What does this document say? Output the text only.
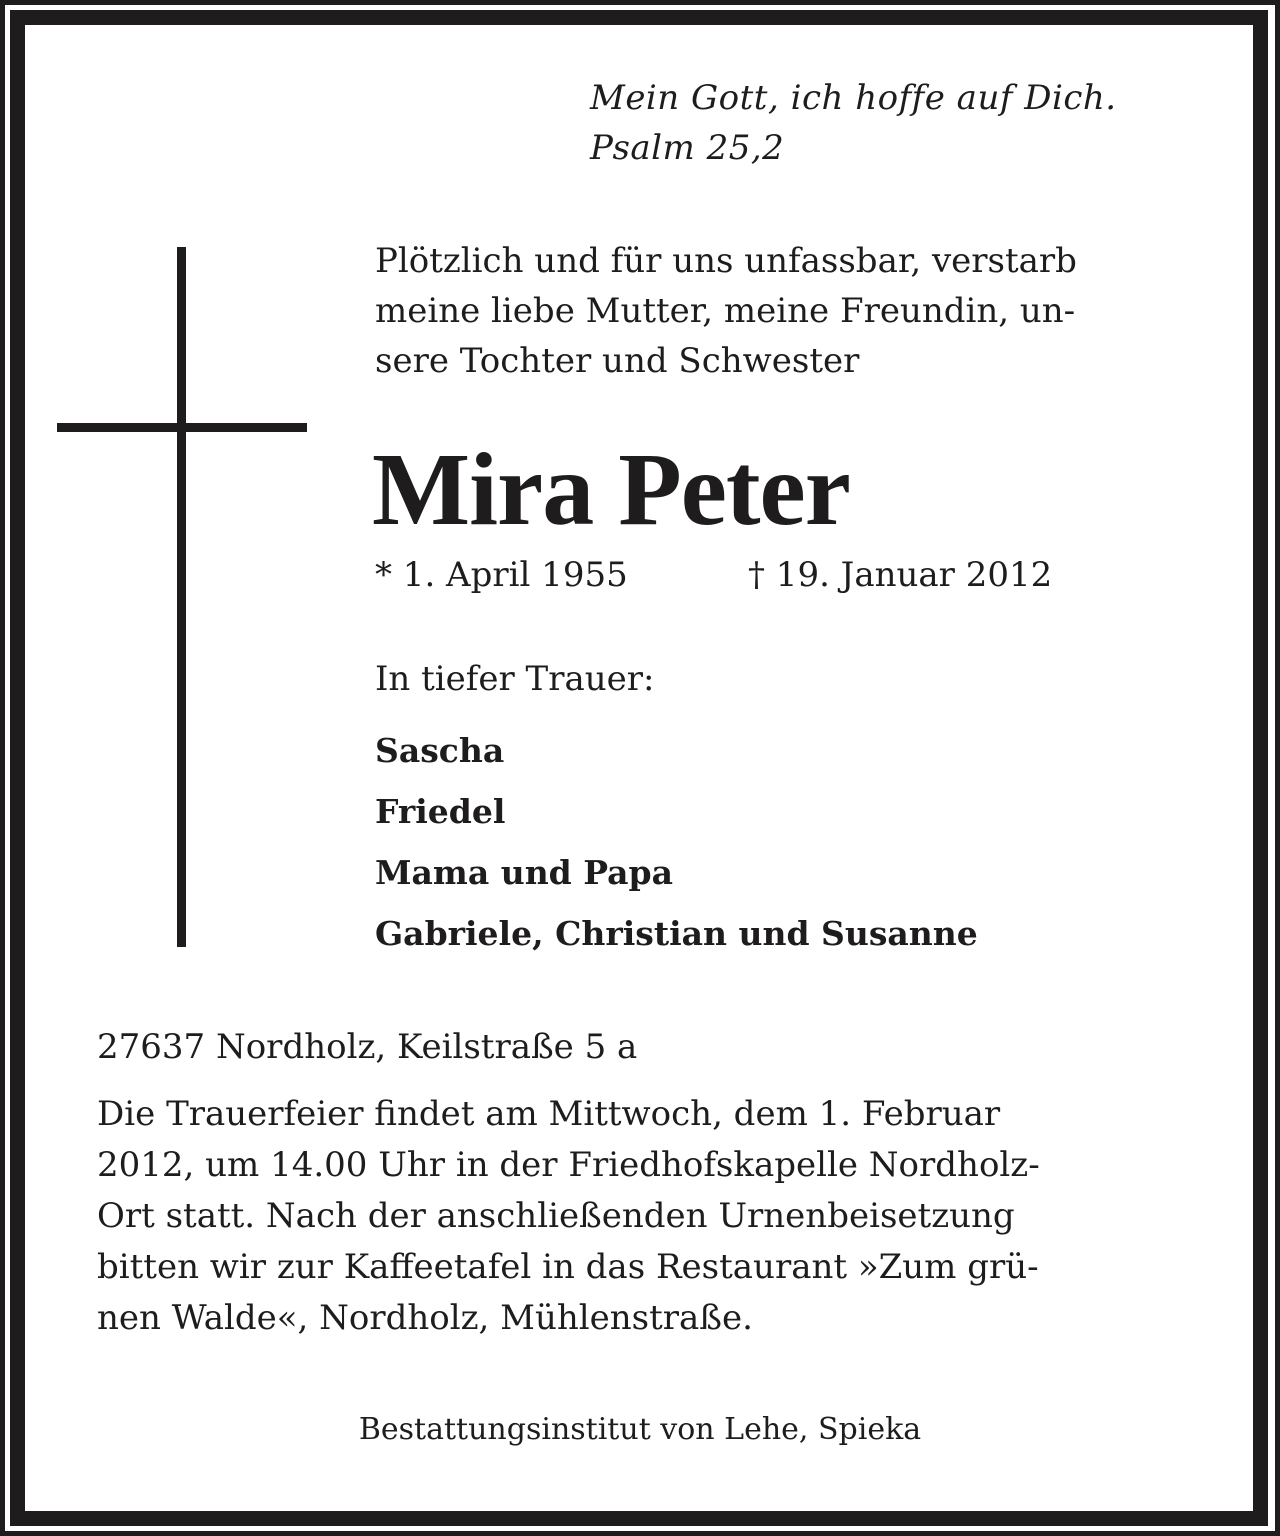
Mein Gott, ich hoffe auf Dich.
Psalm 25,2
Plötzlich und für uns unfassbar, verstarb
meine liebe Mutter, meine Freundin, un-
sere Tochter und Schwester
Mira Peter
* 1. April 1955	† 19. Januar 2012
In tiefer Trauer:
Sascha
Friedel
Mama und Papa
Gabriele, Christian und Susanne
27637 Nordholz, Keilstraße 5 a
Die Trauerfeier findet am Mittwoch, dem 1. Februar
2012, um 14.00 Uhr in der Friedhofskapelle Nordholz-
Ort statt. Nach der anschließenden Urnenbeisetzung
bitten wir zur Kaffeetafel in das Restaurant »Zum grü-
nen Walde«, Nordholz, Mühlenstraße.
Bestattungsinstitut von Lehe, Spieka
